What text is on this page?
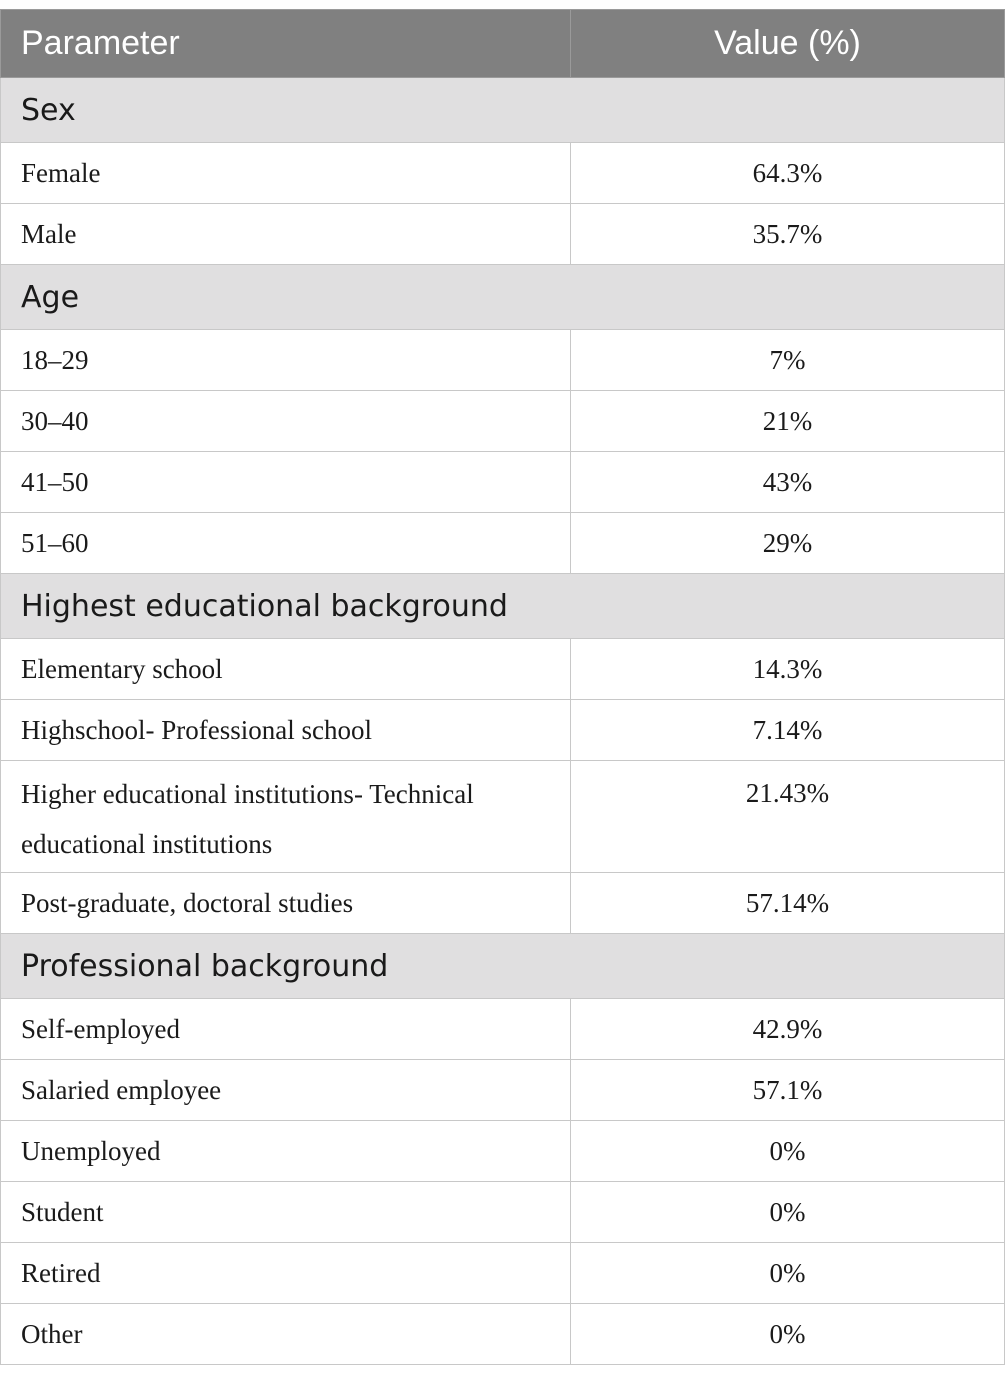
Parameter	Value (%)
Sex	
Female	64.3%
Male	35.7%
Age	
18–29	7%
30–40	21%
41–50	43%
51–60	29%
Highest educational background	
Elementary school	14.3%
Highschool- Professional school	7.14%
Higher educational institutions- Technical educational institutions	21.43%
Post-graduate, doctoral studies	57.14%
Professional background	
Self-employed	42.9%
Salaried employee	57.1%
Unemployed	0%
Student	0%
Retired	0%
Other	0%
